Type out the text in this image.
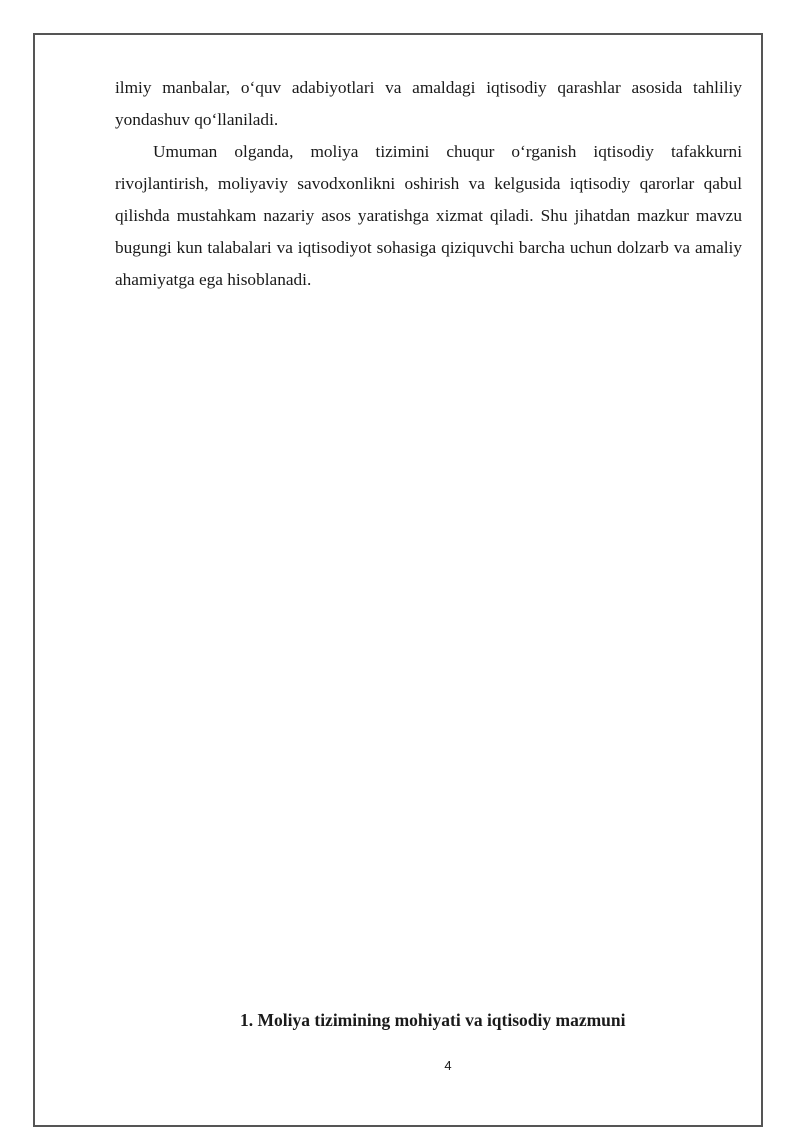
ilmiy manbalar, o‘quv adabiyotlari va amaldagi iqtisodiy qarashlar asosida tahliliy yondashuv qo‘llaniladi.

Umuman olganda, moliya tizimini chuqur o‘rganish iqtisodiy tafakkurni rivojlantirish, moliyaviy savodxonlikni oshirish va kelgusida iqtisodiy qarorlar qabul qilishda mustahkam nazariy asos yaratishga xizmat qiladi. Shu jihatdan mazkur mavzu bugungi kun talabalari va iqtisodiyot sohasiga qiziquvchi barcha uchun dolzarb va amaliy ahamiyatga ega hisoblanadi.

1. Moliya tizimining mohiyati va iqtisodiy mazmuni
4
